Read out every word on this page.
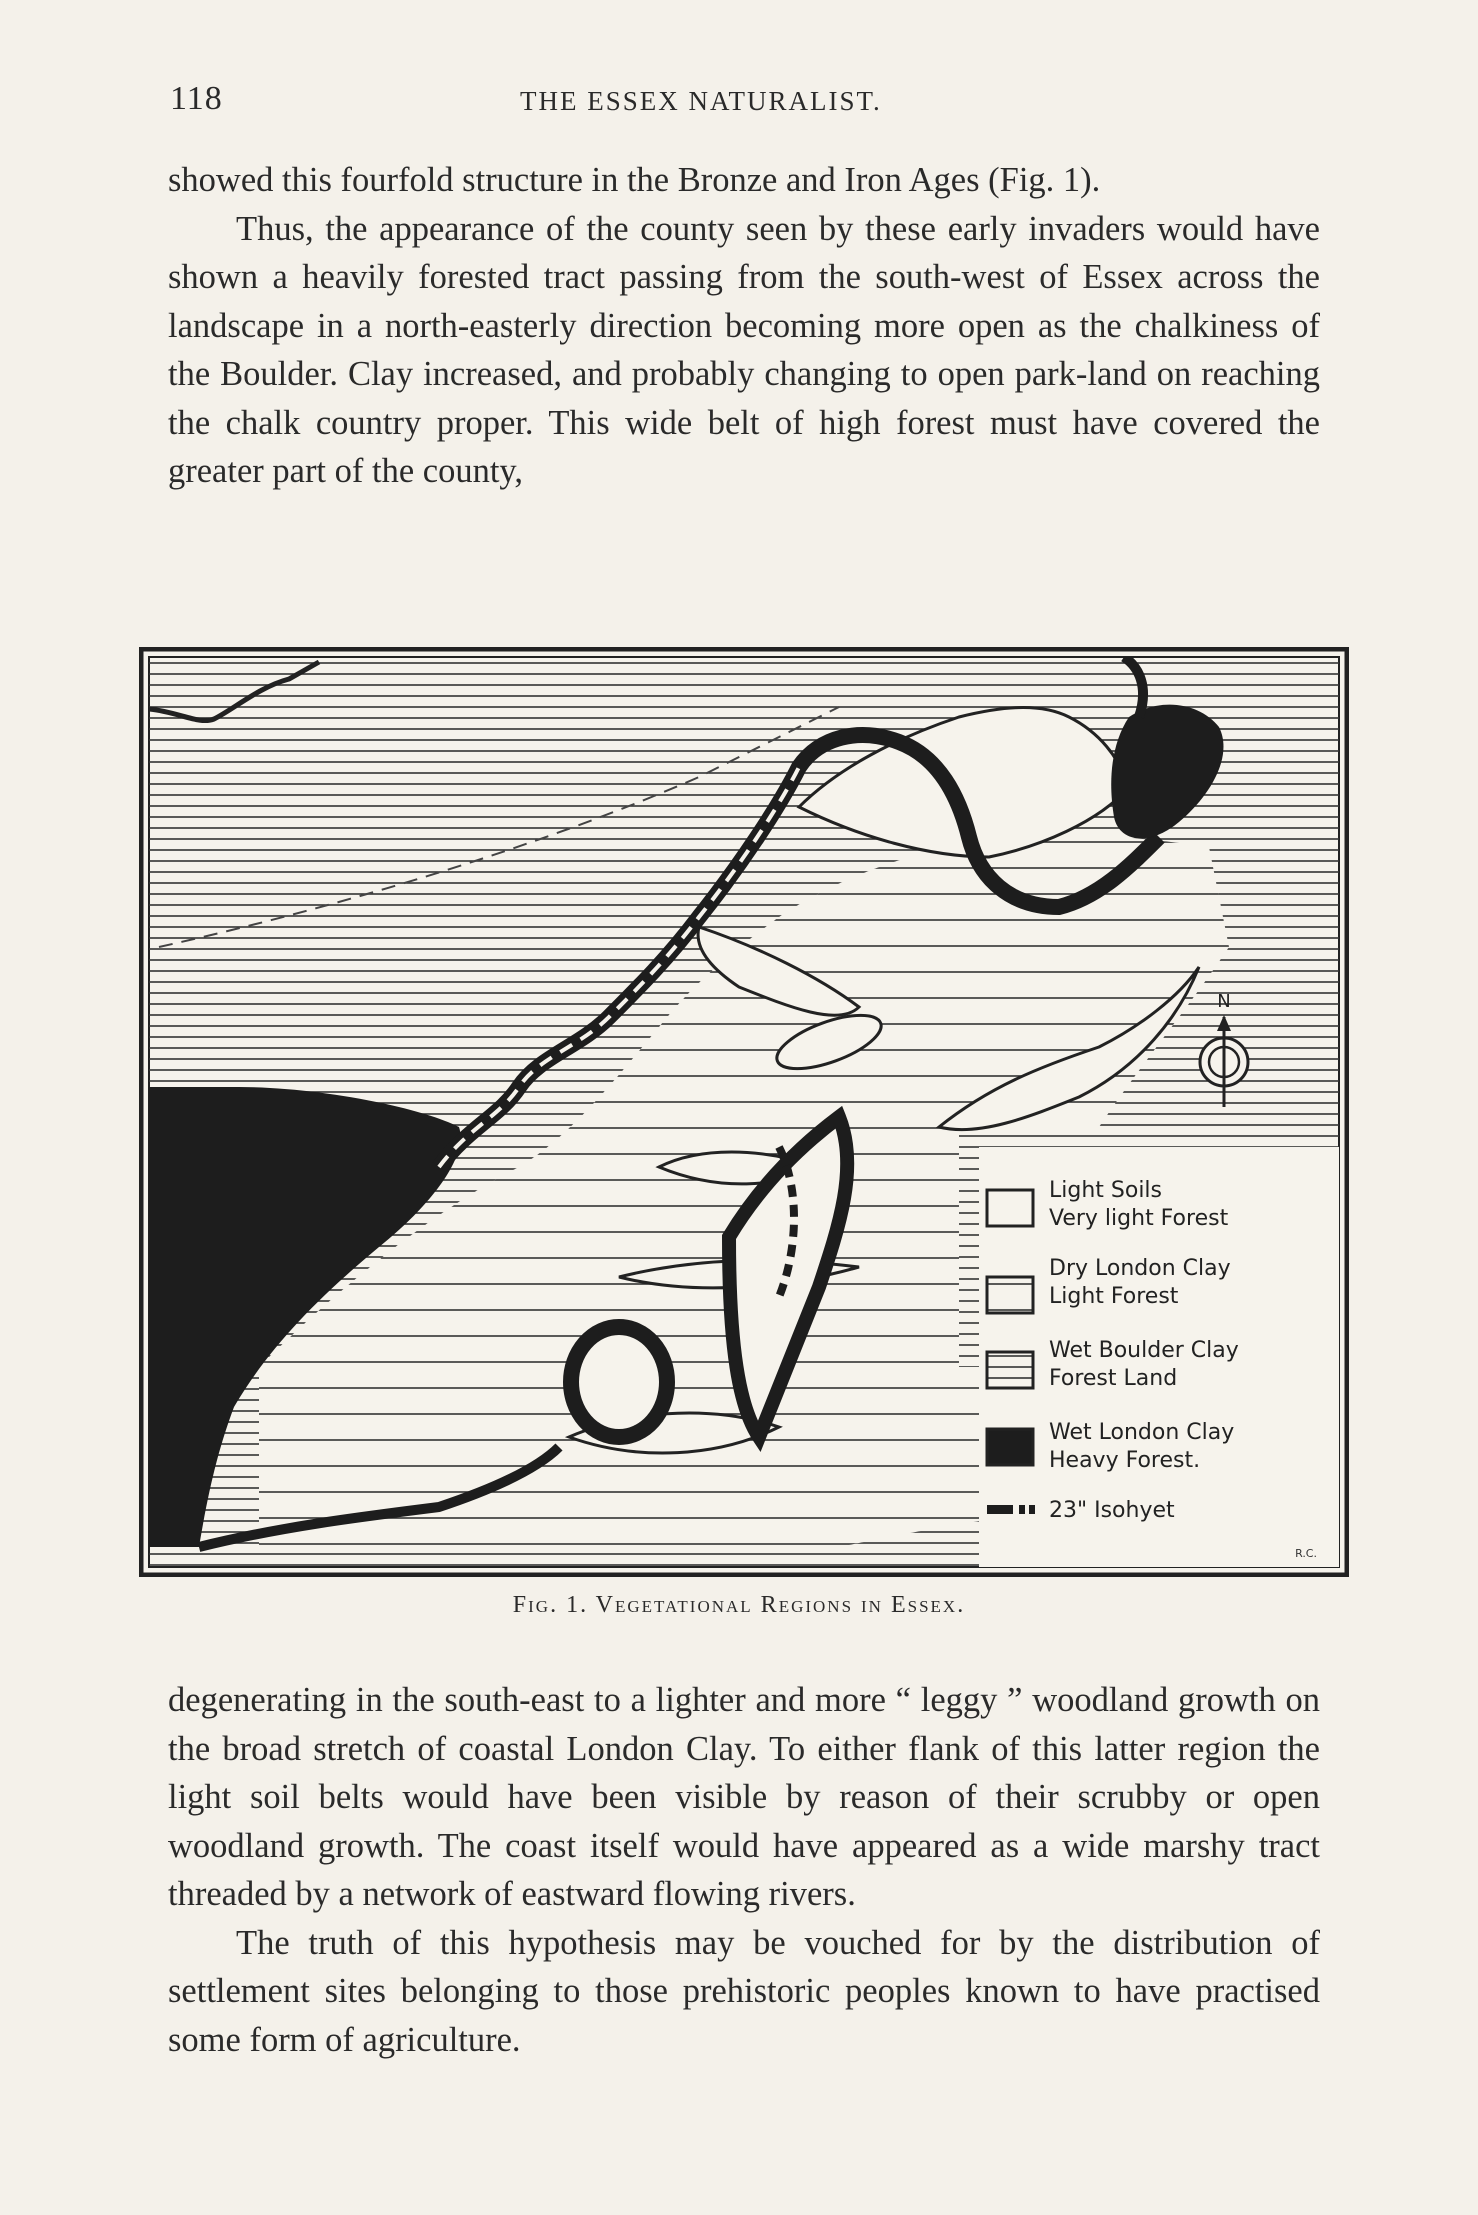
118	THE ESSEX NATURALIST.

showed this fourfold structure in the Bronze and Iron Ages (Fig. 1).

Thus, the appearance of the county seen by these early invaders would have shown a heavily forested tract passing from the south-west of Essex across the landscape in a north-easterly direction becoming more open as the chalkiness of the Boulder. Clay increased, and probably changing to open park-land on reaching the chalk country proper. This wide belt of high forest must have covered the greater part of the county,

N
Light Soils
Very light Forest
Dry London Clay
Light Forest
Wet Boulder Clay
Forest Land
Wet London Clay
Heavy Forest.
23" Isohyet
R.C.
Fig. 1. Vegetational Regions in Essex.

degenerating in the south-east to a lighter and more “ leggy ” woodland growth on the broad stretch of coastal London Clay. To either flank of this latter region the light soil belts would have been visible by reason of their scrubby or open woodland growth. The coast itself would have appeared as a wide marshy tract threaded by a network of eastward flowing rivers.

The truth of this hypothesis may be vouched for by the distribution of settlement sites belonging to those prehistoric peoples known to have practised some form of agriculture.
